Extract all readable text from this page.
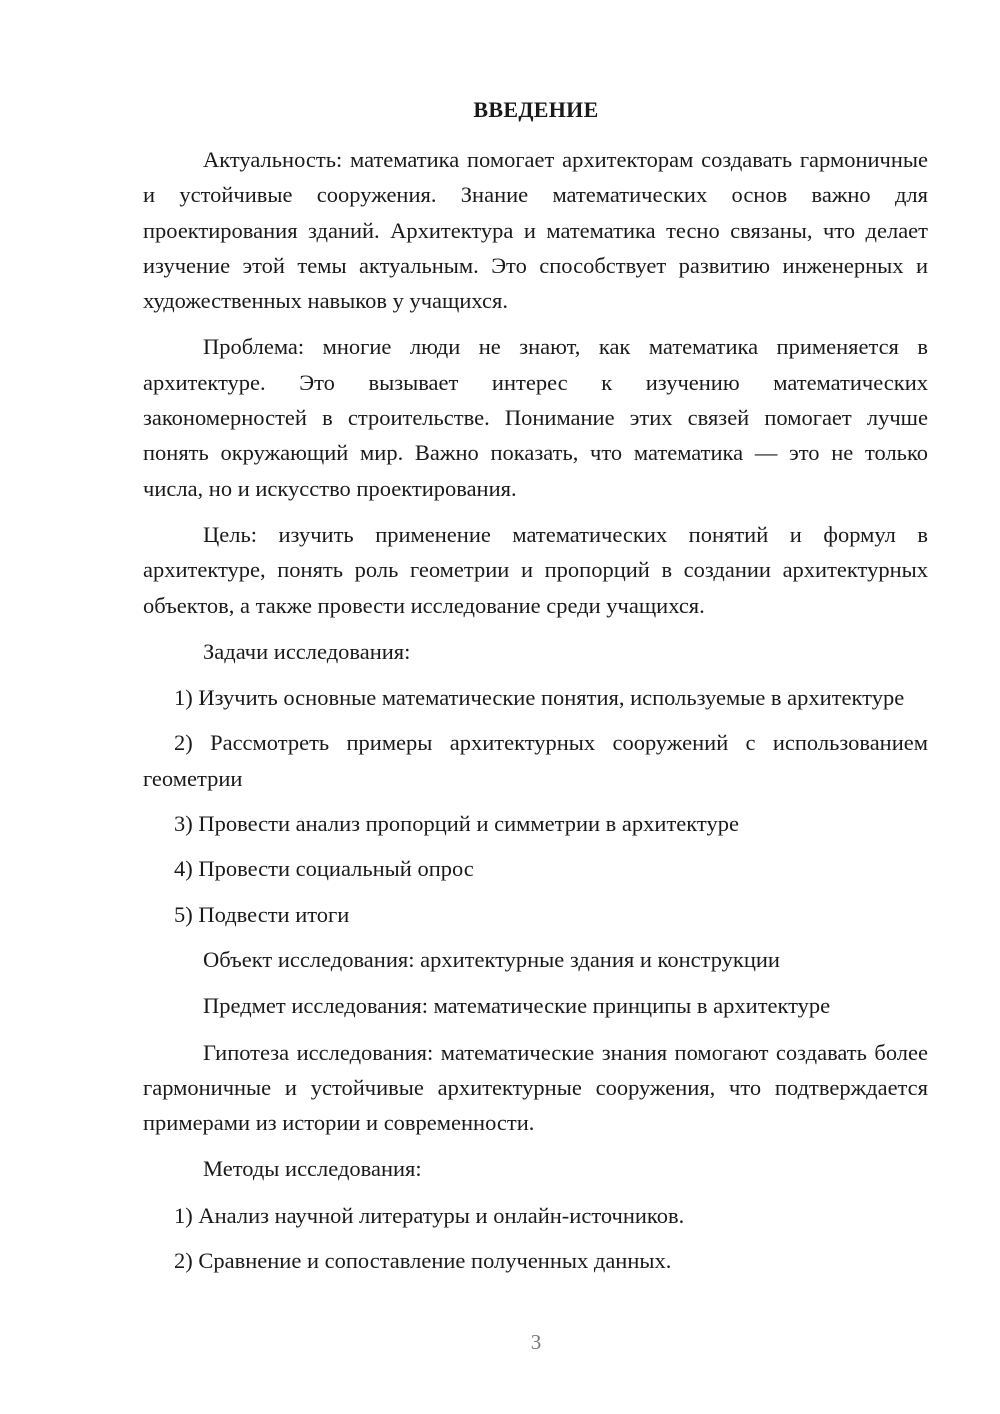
ВВЕДЕНИЕ

Актуальность: математика помогает архитекторам создавать гармоничные и устойчивые сооружения. Знание математических основ важно для проектирования зданий. Архитектура и математика тесно связаны, что делает изучение этой темы актуальным. Это способствует развитию инженерных и художественных навыков у учащихся.

Проблема: многие люди не знают, как математика применяется в архитектуре. Это вызывает интерес к изучению математических закономерностей в строительстве. Понимание этих связей помогает лучше понять окружающий мир. Важно показать, что математика — это не только числа, но и искусство проектирования.

Цель: изучить применение математических понятий и формул в архитектуре, понять роль геометрии и пропорций в создании архитектурных объектов, а также провести исследование среди учащихся.

Задачи исследования:

1) Изучить основные математические понятия, используемые в архитектуре

2) Рассмотреть примеры архитектурных сооружений с использованием геометрии

3) Провести анализ пропорций и симметрии в архитектуре

4) Провести социальный опрос

5) Подвести итоги

Объект исследования: архитектурные здания и конструкции

Предмет исследования: математические принципы в архитектуре

Гипотеза исследования: математические знания помогают создавать более гармоничные и устойчивые архитектурные сооружения, что подтверждается примерами из истории и современности.

Методы исследования:

1) Анализ научной литературы и онлайн-источников.

2) Сравнение и сопоставление полученных данных.

3
